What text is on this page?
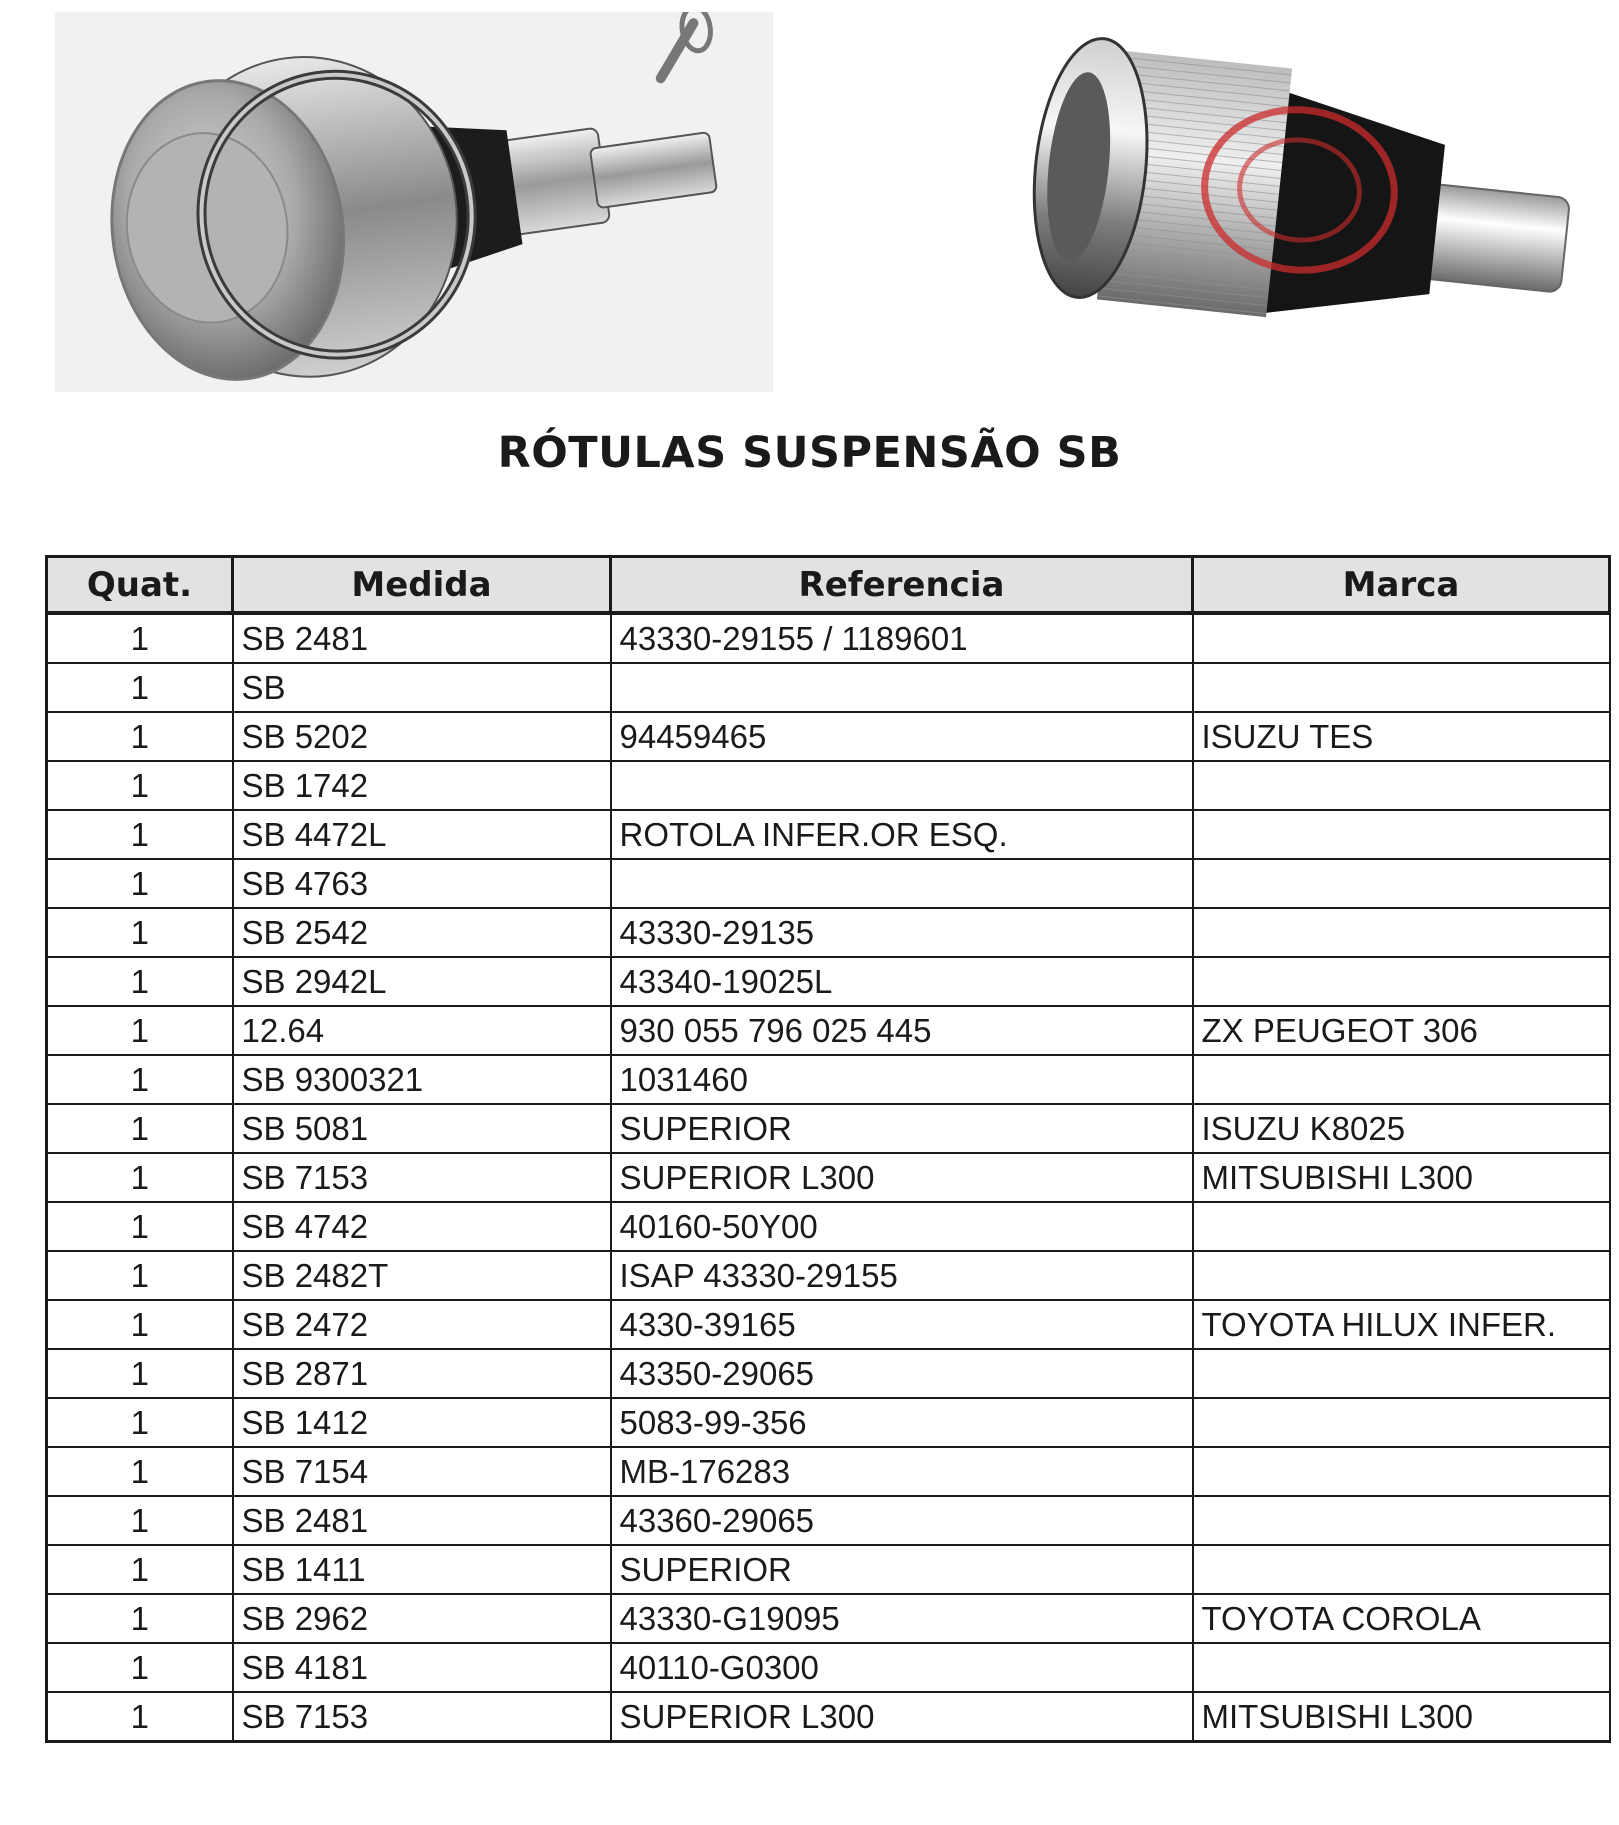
RÓTULAS SUSPENSÃO SB
Quat.	Medida	Referencia	Marca
1	SB 2481	43330-29155 / 1189601	
1	SB		
1	SB 5202	94459465	ISUZU TES
1	SB 1742		
1	SB 4472L	ROTOLA INFER.OR ESQ.	
1	SB 4763		
1	SB 2542	43330-29135	
1	SB 2942L	43340-19025L	
1	12.64	930 055 796 025 445	ZX PEUGEOT 306
1	SB 9300321	1031460	
1	SB 5081	SUPERIOR	ISUZU K8025
1	SB 7153	SUPERIOR L300	MITSUBISHI L300
1	SB 4742	40160-50Y00	
1	SB 2482T	ISAP 43330-29155	
1	SB 2472	4330-39165	TOYOTA HILUX INFER.
1	SB 2871	43350-29065	
1	SB 1412	5083-99-356	
1	SB 7154	MB-176283	
1	SB 2481	43360-29065	
1	SB 1411	SUPERIOR	
1	SB 2962	43330-G19095	TOYOTA COROLA
1	SB 4181	40110-G0300	
1	SB 7153	SUPERIOR L300	MITSUBISHI L300
